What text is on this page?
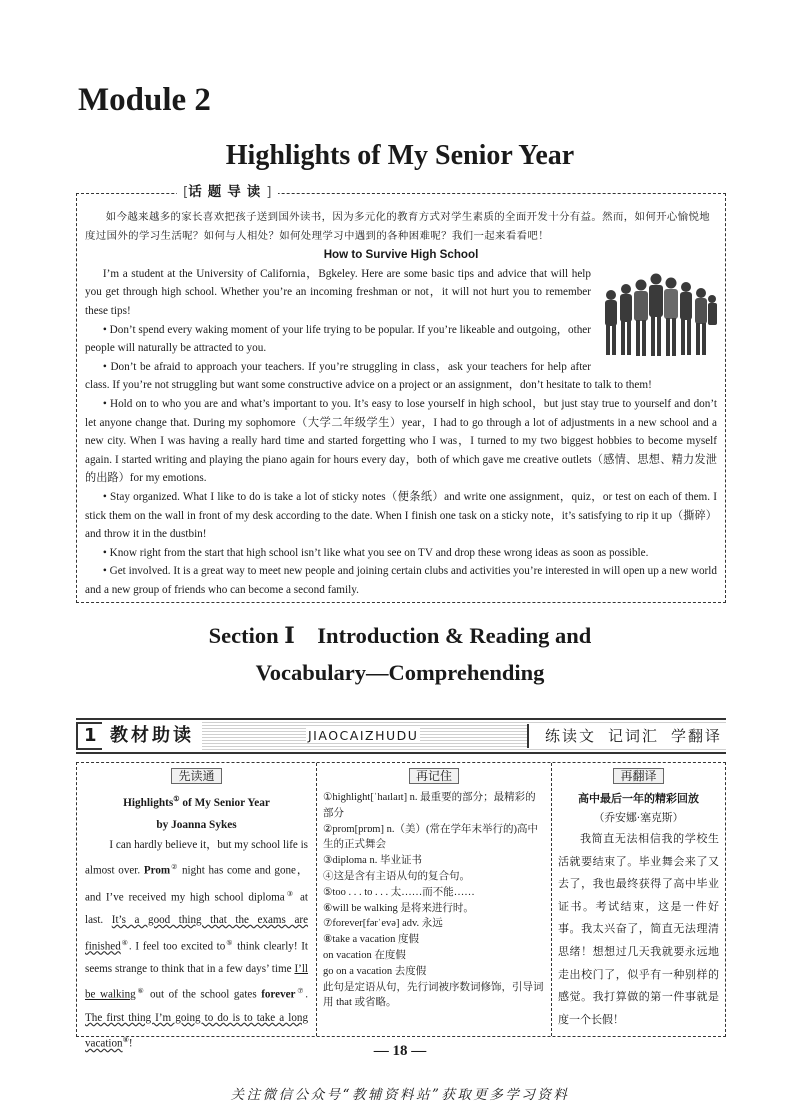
Module 2
Highlights of My Senior Year
[话题导读]

如今越来越多的家长喜欢把孩子送到国外读书，因为多元化的教育方式对学生素质的全面开发十分有益。然而，如何开心愉悦地度过国外的学习生活呢？如何与人相处？如何处理学习中遇到的各种困难呢？我们一起来看看吧！

How to Survive High School

I’m a student at the University of California，Bgkeley. Here are some basic tips and advice that will help you get through high school. Whether you’re an incoming freshman or not，it will not hurt you to remember these tips!

• Don’t spend every waking moment of your life trying to be popular. If you’re likeable and outgoing，other people will naturally be attracted to you.

• Don’t be afraid to approach your teachers. If you’re struggling in class，ask your teachers for help after class. If you’re not struggling but want some constructive advice on a project or an assignment，don’t hesitate to talk to them!

• Hold on to who you are and what’s important to you. It’s easy to lose yourself in high school，but just stay true to yourself and don’t let anyone change that. During my sophomore（大学二年级学生）year，I had to go through a lot of adjustments in a new school and a new city. When I was having a really hard time and started forgetting who I was，I turned to my two biggest hobbies to become myself again. I started writing and playing the piano again for hours every day，both of which gave me creative outlets（感情、思想、精力发泄的出路）for my emotions.

• Stay organized. What I like to do is take a lot of sticky notes（便条纸）and write one assignment，quiz，or test on each of them. I stick them on the wall in front of my desk according to the date. When I finish one task on a sticky note，it’s satisfying to rip it up（撕碎）and throw it in the dustbin!

• Know right from the start that high school isn’t like what you see on TV and drop these wrong ideas as soon as possible.

• Get involved. It is a great way to meet new people and joining certain clubs and activities you’re interested in will open up a new world and a new group of friends who can become a second family.

Section Ⅰ　Introduction & Reading and
Vocabulary—Comprehending
1 教材助读	JIAOCAIZHUDU	练读文 记词汇 学翻译
先读通
Highlights① of My Senior Year
by Joanna Sykes

I can hardly believe it，but my school life is almost over. Prom② night has come and gone，and I’ve received my high school diploma③ at last. It’s a good thing that the exams are finished④. I feel too excited to⑤ think clearly! It seems strange to think that in a few days’ time I’ll be walking⑥ out of the school gates forever⑦. The first thing I’m going to do is to take a long vacation⑧!

再记住
①highlight[ˈhaɪlaɪt] n. 最重要的部分；最精彩的部分
②prom[prɒm] n.（美）(常在学年末举行的)高中生的正式舞会
③diploma n. 毕业证书
④这是含有主语从句的复合句。
⑤too . . . to . . . 太……而不能……
⑥will be walking 是将来进行时。
⑦forever[fərˈevə] adv. 永远
⑧take a vacation 度假
on vacation 在度假
go on a vacation 去度假
此句是定语从句，先行词被序数词修饰，引导词用 that 或省略。
再翻译
高中最后一年的精彩回放
（乔安娜·塞克斯）

我简直无法相信我的学校生活就要结束了。毕业舞会来了又去了，我也最终获得了高中毕业证书。考试结束，这是一件好事。我太兴奋了，简直无法理清思绪！想想过几天我就要永远地走出校门了，似乎有一种别样的感觉。我打算做的第一件事就是度一个长假！

— 18 —
关注微信公众号“教辅资料站”获取更多学习资料
